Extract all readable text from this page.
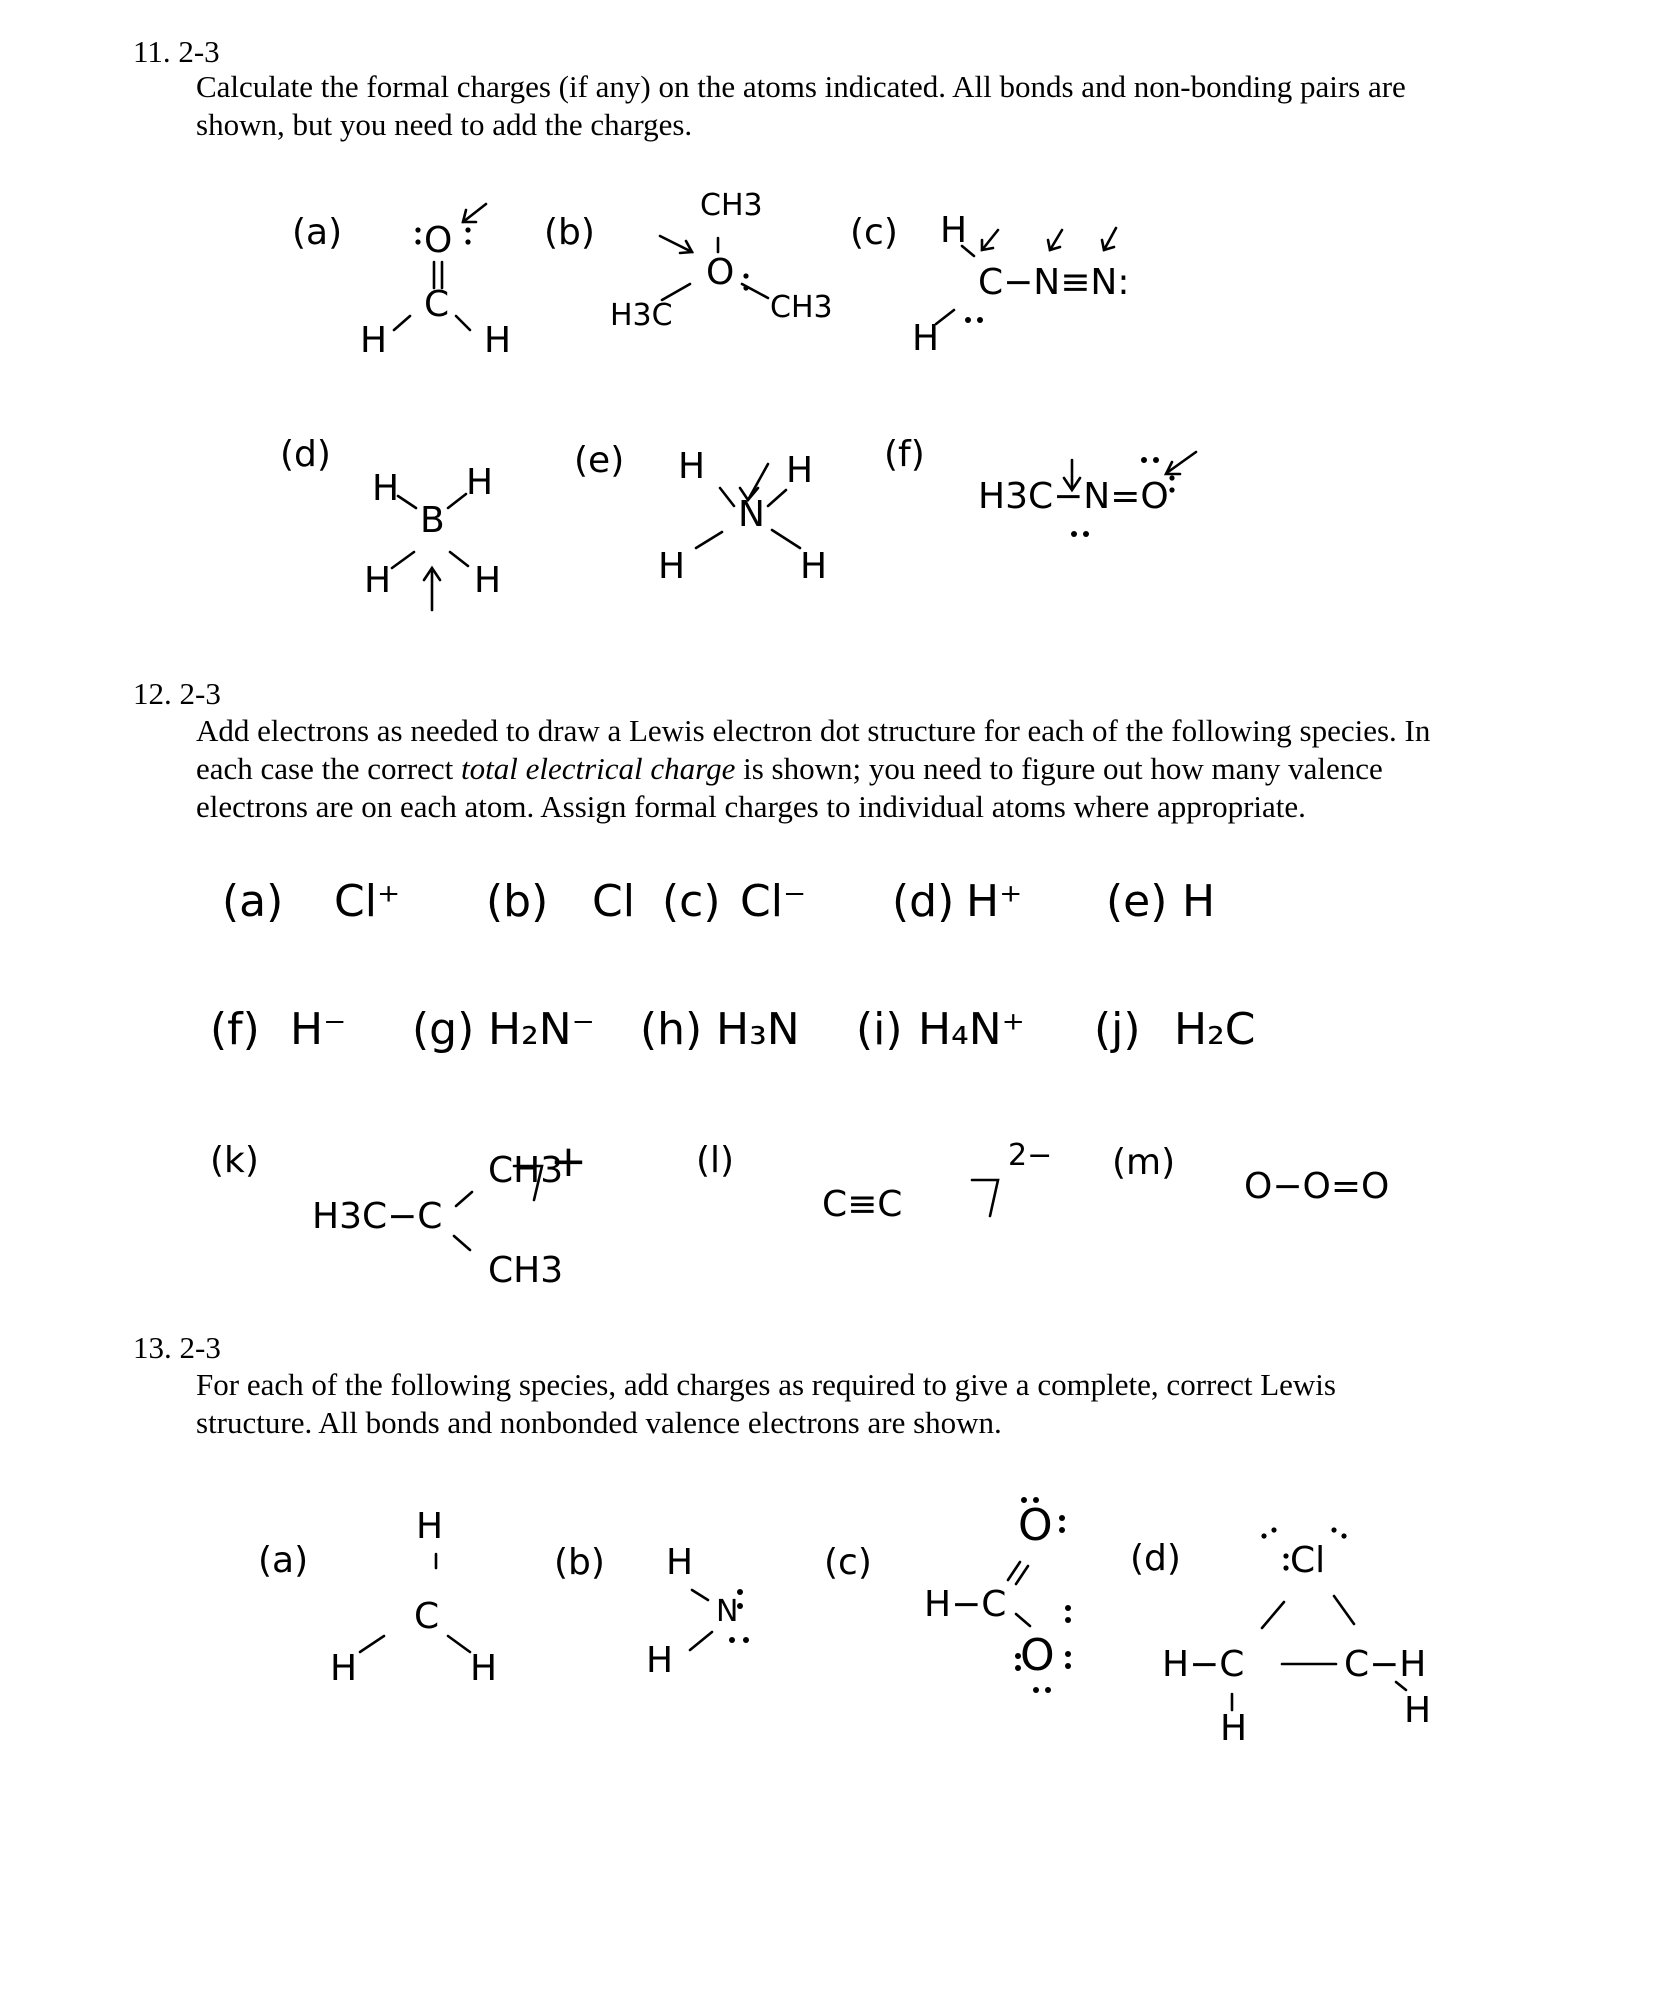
11. 2-3
Calculate the formal charges (if any) on the atoms indicated. All bonds and non-bonding pairs are
shown, but you need to add the charges.
12. 2-3
Add electrons as needed to draw a Lewis electron dot structure for each of the following species. In
each case the correct total electrical charge is shown; you need to figure out how many valence
electrons are on each atom. Assign formal charges to individual atoms where appropriate.
13. 2-3
For each of the following species, add charges as required to give a complete, correct Lewis
structure. All bonds and nonbonded valence electrons are shown.
(a) O
C
H	H
(b)
CH3
O
H3C	CH3
(c) H
H
C−N≡N:
(d)
H H
B
H H
(e) H H
N
H	H
(f)
H3C−N=O
(a) Cl⁺ (b) Cl (c) Cl⁻ (d) H⁺ (e) H
(f) H⁻ (g) H₂N⁻ (h) H₃N (i) H₄N⁺ (j) H₂C
(k)	CH3
+
H3C−C
CH3
(l)
C≡C
2− (m)
O−O=O
(a)
H
C
H	H
(b) H
N
H
(c)
O
H−C
O
(d)	Cl
H−C	C−H
H	H
